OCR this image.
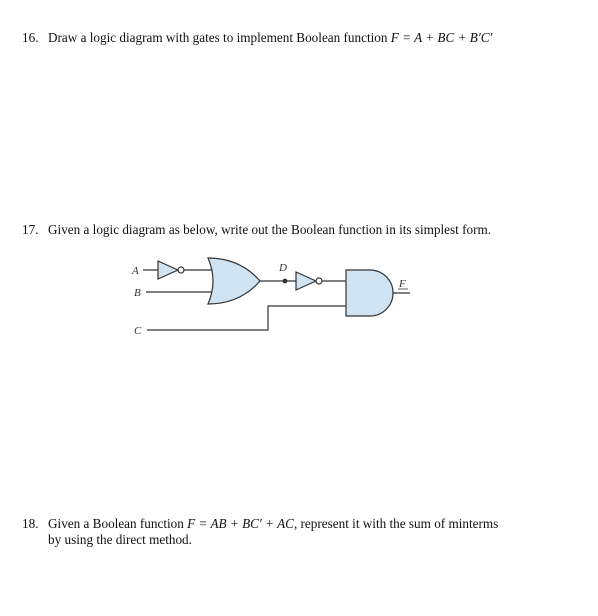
16. Draw a logic diagram with gates to implement Boolean function F = A + BC + B′C′
17. Given a logic diagram as below, write out the Boolean function in its simplest form.
A
B
C
D
F
18. Given a Boolean function F = AB + BC′ + AC, represent it with the sum of minterms
by using the direct method.
